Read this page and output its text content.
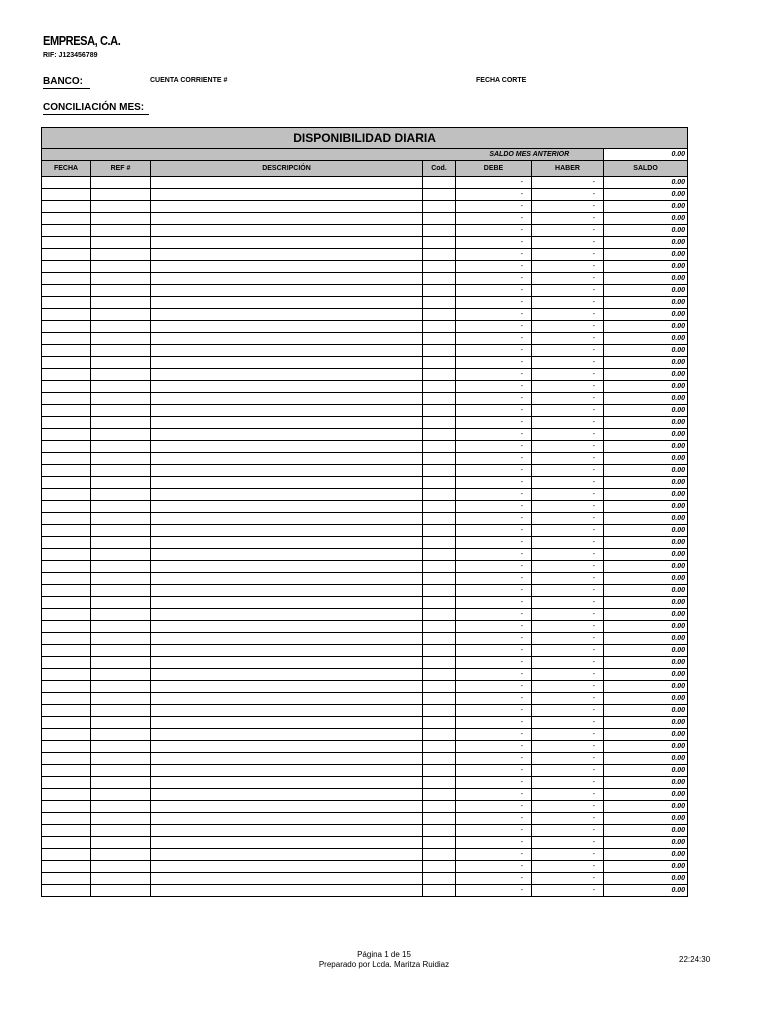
EMPRESA, C.A.
RIF: J123456789
BANCO:	CUENTA CORRIENTE #	FECHA CORTE
CONCILIACIÓN MES:
DISPONIBILIDAD DIARIA						
				SALDO MES ANTERIOR		0.00
FECHA	REF #	DESCRIPCIÓN	Cod.	DEBE	HABER	SALDO
				-	-	0.00
				-	-	0.00
				-	-	0.00
				-	-	0.00
				-	-	0.00
				-	-	0.00
				-	-	0.00
				-	-	0.00
				-	-	0.00
				-	-	0.00
				-	-	0.00
				-	-	0.00
				-	-	0.00
				-	-	0.00
				-	-	0.00
				-	-	0.00
				-	-	0.00
				-	-	0.00
				-	-	0.00
				-	-	0.00
				-	-	0.00
				-	-	0.00
				-	-	0.00
				-	-	0.00
				-	-	0.00
				-	-	0.00
				-	-	0.00
				-	-	0.00
				-	-	0.00
				-	-	0.00
				-	-	0.00
				-	-	0.00
				-	-	0.00
				-	-	0.00
				-	-	0.00
				-	-	0.00
				-	-	0.00
				-	-	0.00
				-	-	0.00
				-	-	0.00
				-	-	0.00
				-	-	0.00
				-	-	0.00
				-	-	0.00
				-	-	0.00
				-	-	0.00
				-	-	0.00
				-	-	0.00
				-	-	0.00
				-	-	0.00
				-	-	0.00
				-	-	0.00
				-	-	0.00
				-	-	0.00
				-	-	0.00
				-	-	0.00
				-	-	0.00
				-	-	0.00
				-	-	0.00
				-	-	0.00
Página 1 de 15
Preparado por Lcda. Maritza Ruidiaz
22:24:30
